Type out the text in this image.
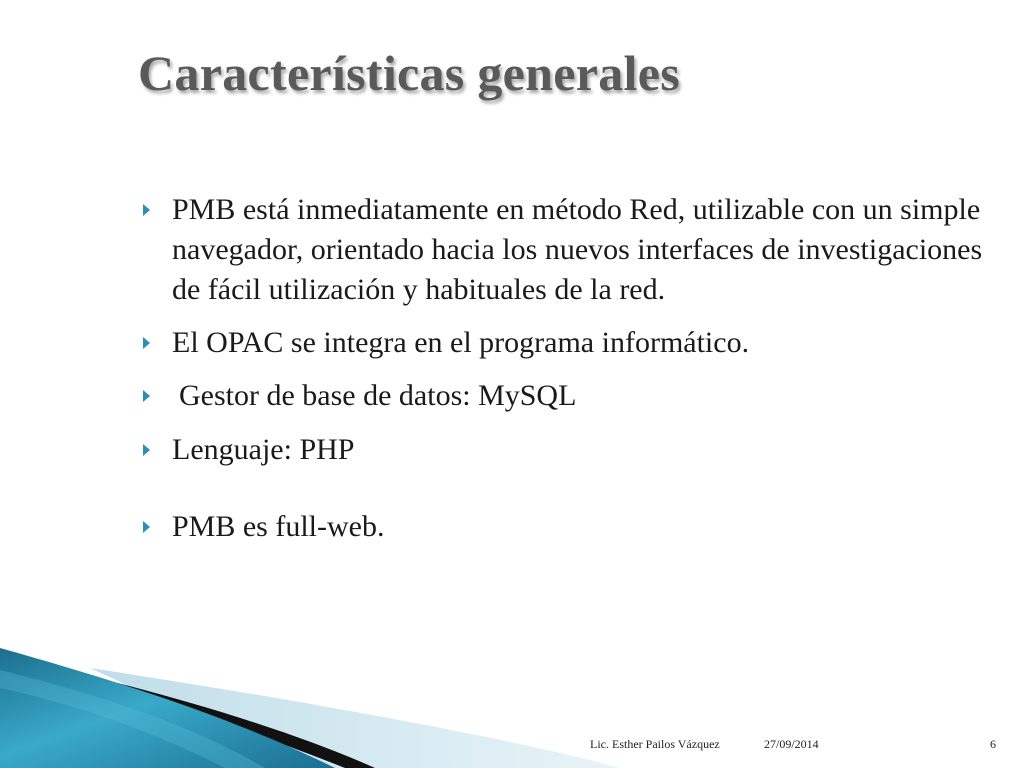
Características generales
PMB está inmediatamente en método Red, utilizable con un simple navegador, orientado hacia los nuevos interfaces de investigaciones de fácil utilización y habituales de la red.
El OPAC se integra en el programa informático.
Gestor de base de datos: MySQL
Lenguaje: PHP
PMB es full-web.
Lic. Esther Pailos Vázquez	27/09/2014	6
